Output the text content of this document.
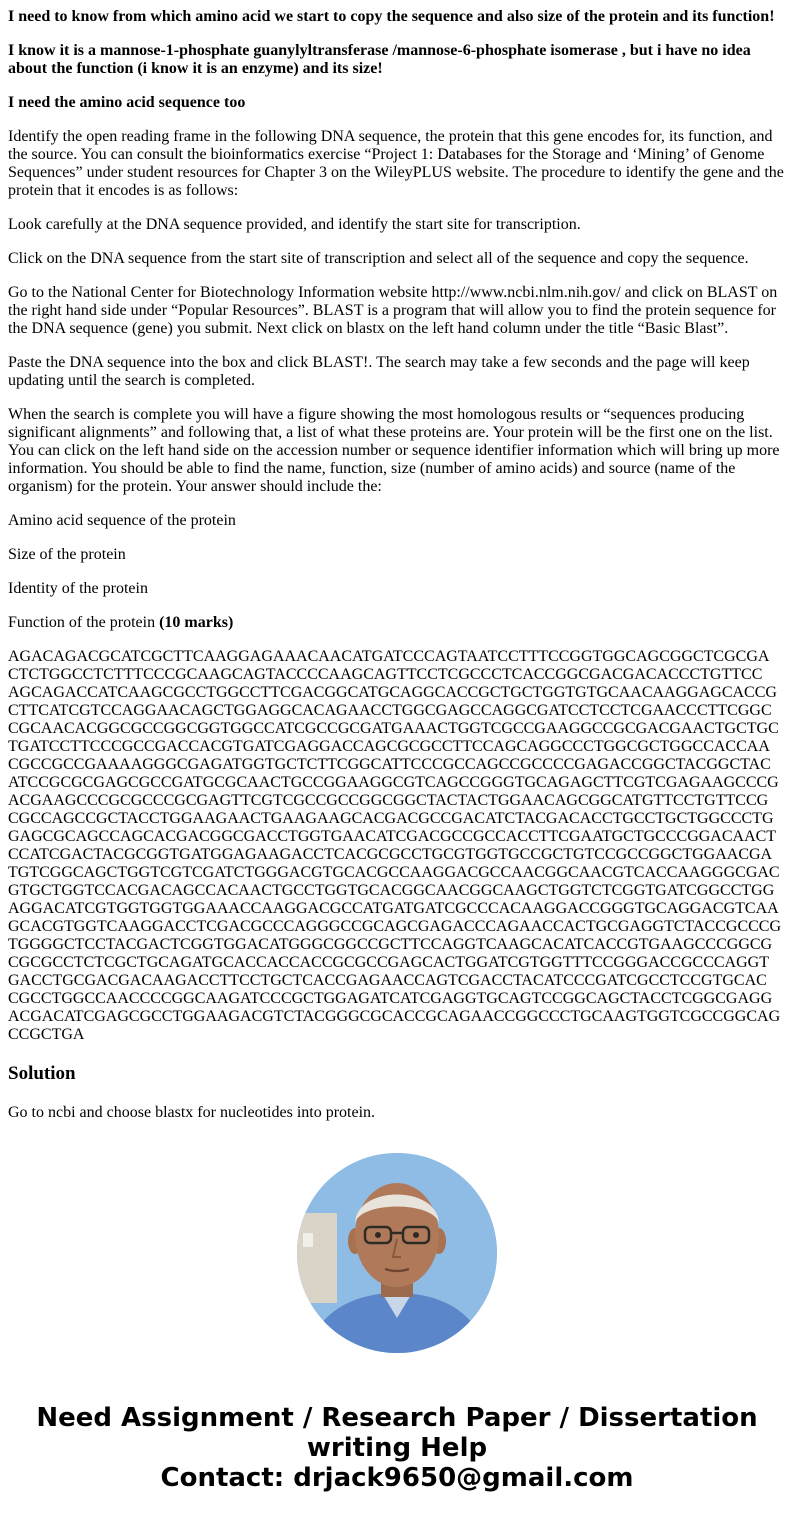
I need to know from which amino acid we start to copy the sequence and also size of the protein and its function!

I know it is a mannose-1-phosphate guanylyltransferase /mannose-6-phosphate isomerase , but i have no idea about the function (i know it is an enzyme) and its size!

I need the amino acid sequence too

Identify the open reading frame in the following DNA sequence, the protein that this gene encodes for, its function, and the source. You can consult the bioinformatics exercise “Project 1: Databases for the Storage and ‘Mining’ of Genome Sequences” under student resources for Chapter 3 on the WileyPLUS website. The procedure to identify the gene and the protein that it encodes is as follows:

Look carefully at the DNA sequence provided, and identify the start site for transcription.

Click on the DNA sequence from the start site of transcription and select all of the sequence and copy the sequence.

Go to the National Center for Biotechnology Information website http://www.ncbi.nlm.nih.gov/ and click on BLAST on the right hand side under “Popular Resources”. BLAST is a program that will allow you to find the protein sequence for the DNA sequence (gene) you submit. Next click on blastx on the left hand column under the title “Basic Blast”.

Paste the DNA sequence into the box and click BLAST!. The search may take a few seconds and the page will keep updating until the search is completed.

When the search is complete you will have a figure showing the most homologous results or “sequences producing significant alignments” and following that, a list of what these proteins are. Your protein will be the first one on the list. You can click on the left hand side on the accession number or sequence identifier information which will bring up more information. You should be able to find the name, function, size (number of amino acids) and source (name of the organism) for the protein. Your answer should include the:

Amino acid sequence of the protein

Size of the protein

Identity of the protein

Function of the protein (10 marks)

AGACAGACGCATCGCTTCAAGGAGAAACAACATGATCCCAGTAATCCTTTCCGGTGGCAGCGGCTCGCGA
CTCTGGCCTCTTTCCCGCAAGCAGTACCCCAAGCAGTTCCTCGCCCTCACCGGCGACGACACCCTGTTCC
AGCAGACCATCAAGCGCCTGGCCTTCGACGGCATGCAGGCACCGCTGCTGGTGTGCAACAAGGAGCACCG
CTTCATCGTCCAGGAACAGCTGGAGGCACAGAACCTGGCGAGCCAGGCGATCCTCCTCGAACCCTTCGGC
CGCAACACGGCGCCGGCGGTGGCCATCGCCGCGATGAAACTGGTCGCCGAAGGCCGCGACGAACTGCTGC
TGATCCTTCCCGCCGACCACGTGATCGAGGACCAGCGCGCCTTCCAGCAGGCCCTGGCGCTGGCCACCAA
CGCCGCCGAAAAGGGCGAGATGGTGCTCTTCGGCATTCCCGCCAGCCGCCCCGAGACCGGCTACGGCTAC
ATCCGCGCGAGCGCCGATGCGCAACTGCCGGAAGGCGTCAGCCGGGTGCAGAGCTTCGTCGAGAAGCCCG
ACGAAGCCCGCGCCCGCGAGTTCGTCGCCGCCGGCGGCTACTACTGGAACAGCGGCATGTTCCTGTTCCG
CGCCAGCCGCTACCTGGAAGAACTGAAGAAGCACGACGCCGACATCTACGACACCTGCCTGCTGGCCCTG
GAGCGCAGCCAGCACGACGGCGACCTGGTGAACATCGACGCCGCCACCTTCGAATGCTGCCCGGACAACT
CCATCGACTACGCGGTGATGGAGAAGACCTCACGCGCCTGCGTGGTGCCGCTGTCCGCCGGCTGGAACGA
TGTCGGCAGCTGGTCGTCGATCTGGGACGTGCACGCCAAGGACGCCAACGGCAACGTCACCAAGGGCGAC
GTGCTGGTCCACGACAGCCACAACTGCCTGGTGCACGGCAACGGCAAGCTGGTCTCGGTGATCGGCCTGG
AGGACATCGTGGTGGTGGAAACCAAGGACGCCATGATGATCGCCCACAAGGACCGGGTGCAGGACGTCAA
GCACGTGGTCAAGGACCTCGACGCCCAGGGCCGCAGCGAGACCCAGAACCACTGCGAGGTCTACCGCCCG
TGGGGCTCCTACGACTCGGTGGACATGGGCGGCCGCTTCCAGGTCAAGCACATCACCGTGAAGCCCGGCG
CGCGCCTCTCGCTGCAGATGCACCACCACCGCGCCGAGCACTGGATCGTGGTTTCCGGGACCGCCCAGGT
GACCTGCGACGACAAGACCTTCCTGCTCACCGAGAACCAGTCGACCTACATCCCGATCGCCTCCGTGCAC
CGCCTGGCCAACCCCGGCAAGATCCCGCTGGAGATCATCGAGGTGCAGTCCGGCAGCTACCTCGGCGAGG
ACGACATCGAGCGCCTGGAAGACGTCTACGGGCGCACCGCAGAACCGGCCCTGCAAGTGGTCGCCGGCAG
CCGCTGA
Solution

Go to ncbi and choose blastx for nucleotides into protein.

Need Assignment / Research Paper / Dissertation
writing Help
Contact: drjack9650@gmail.com
